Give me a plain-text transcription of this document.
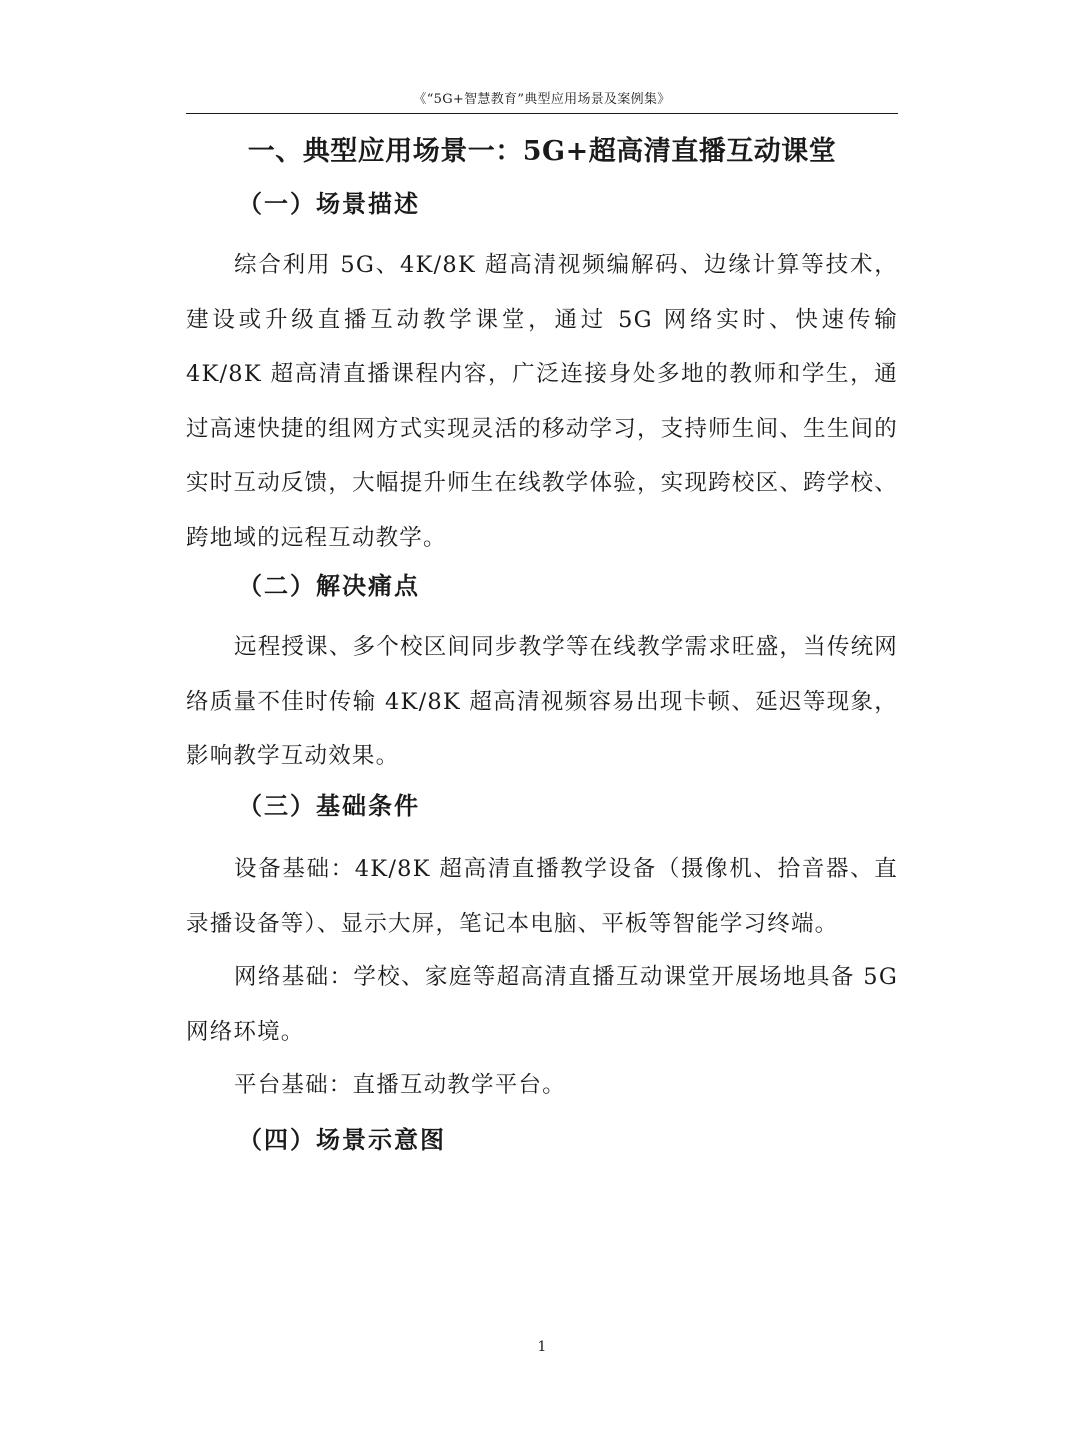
《“5G+智慧教育”典型应用场景及案例集》
一、典型应用场景一：5G+超高清直播互动课堂
（一）场景描述

综合利用 5G、4K/8K 超高清视频编解码、边缘计算等技术，建设或升级直播互动教学课堂，通过 5G 网络实时、快速传输 4K/8K 超高清直播课程内容，广泛连接身处多地的教师和学生，通过高速快捷的组网方式实现灵活的移动学习，支持师生间、生生间的实时互动反馈，大幅提升师生在线教学体验，实现跨校区、跨学校、跨地域的远程互动教学。

（二）解决痛点

远程授课、多个校区间同步教学等在线教学需求旺盛，当传统网络质量不佳时传输 4K/8K 超高清视频容易出现卡顿、延迟等现象，影响教学互动效果。

（三）基础条件

设备基础：4K/8K 超高清直播教学设备（摄像机、拾音器、直录播设备等）、显示大屏，笔记本电脑、平板等智能学习终端。

网络基础：学校、家庭等超高清直播互动课堂开展场地具备 5G 网络环境。

平台基础：直播互动教学平台。

（四）场景示意图
1
